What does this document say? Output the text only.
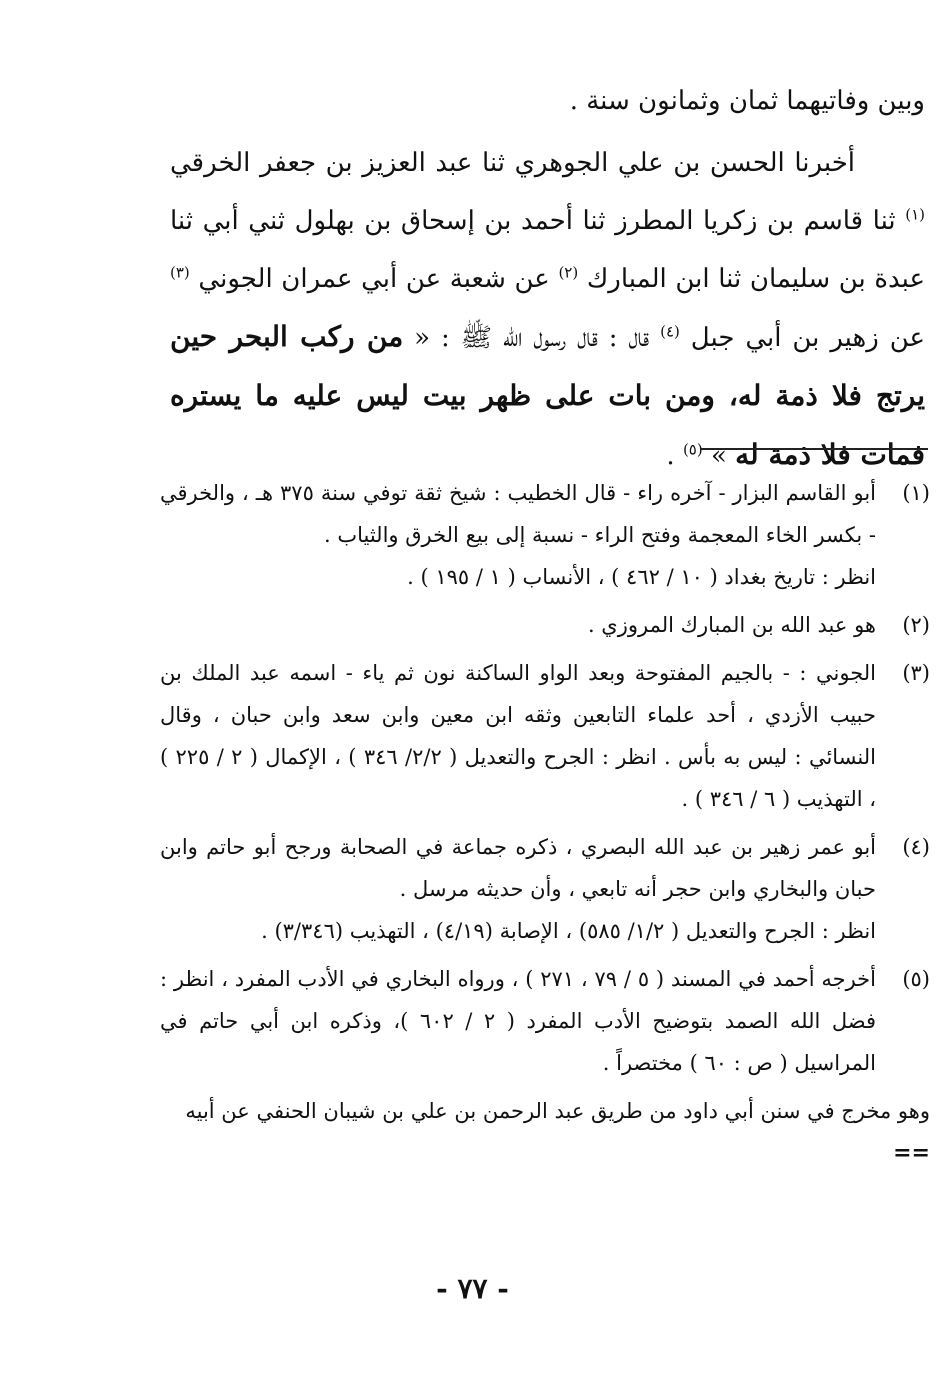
وبين وفاتيهما ثمان وثمانون سنة .

أخبرنا الحسن بن علي الجوهري ثنا عبد العزيز بن جعفر الخرقي $^{(١)}$ ثنا قاسم بن زكريا المطرز ثنا أحمد بن إسحاق بن بهلول ثني أبي ثنا عبدة بن سليمان ثنا ابن المبارك $^{(٢)}$ عن شعبة عن أبي عمران الجوني $^{(٣)}$ عن زهير بن أبي جبل $^{(٤)}$ قال : قال رسول الله ﷺ : « من ركب البحر حين يرتج فلا ذمة له، ومن بات على ظهر بيت ليس عليه ما يستره فمات فلا ذمة له » $^{(٥)}$ .

(١)

أبو القاسم البزار - آخره راء - قال الخطيب : شيخ ثقة توفي سنة ٣٧٥ هـ ، والخرقي - بكسر الخاء المعجمة وفتح الراء - نسبة إلى بيع الخرق والثياب .

انظر : تاريخ بغداد ( ١٠ / ٤٦٢ ) ، الأنساب ( ١ / ١٩٥ ) .

(٢)

هو عبد الله بن المبارك المروزي .

(٣)

الجوني : - بالجيم المفتوحة وبعد الواو الساكنة نون ثم ياء - اسمه عبد الملك بن حبيب الأزدي ، أحد علماء التابعين وثقه ابن معين وابن سعد وابن حبان ، وقال النسائي : ليس به بأس . انظر : الجرح والتعديل ( ٢/٢/ ٣٤٦ ) ، الإكمال ( ٢ / ٢٢٥ ) ، التهذيب ( ٦ / ٣٤٦ ) .

(٤)

أبو عمر زهير بن عبد الله البصري ، ذكره جماعة في الصحابة ورجح أبو حاتم وابن حبان والبخاري وابن حجر أنه تابعي ، وأن حديثه مرسل .

انظر : الجرح والتعديل ( ١/٢/ ٥٨٥) ، الإصابة (٤/١٩) ، التهذيب (٣/٣٤٦) .

(٥)

أخرجه أحمد في المسند ( ٥ / ٧٩ ، ٢٧١ ) ، ورواه البخاري في الأدب المفرد ، انظر : فضل الله الصمد بتوضيح الأدب المفرد ( ٢ / ٦٠٢ )، وذكره ابن أبي حاتم في المراسيل ( ص : ٦٠ ) مختصراً .

وهو مخرج في سنن أبي داود من طريق عبد الرحمن بن علي بن شيبان الحنفي عن أبيه

==

- ٧٧ -
